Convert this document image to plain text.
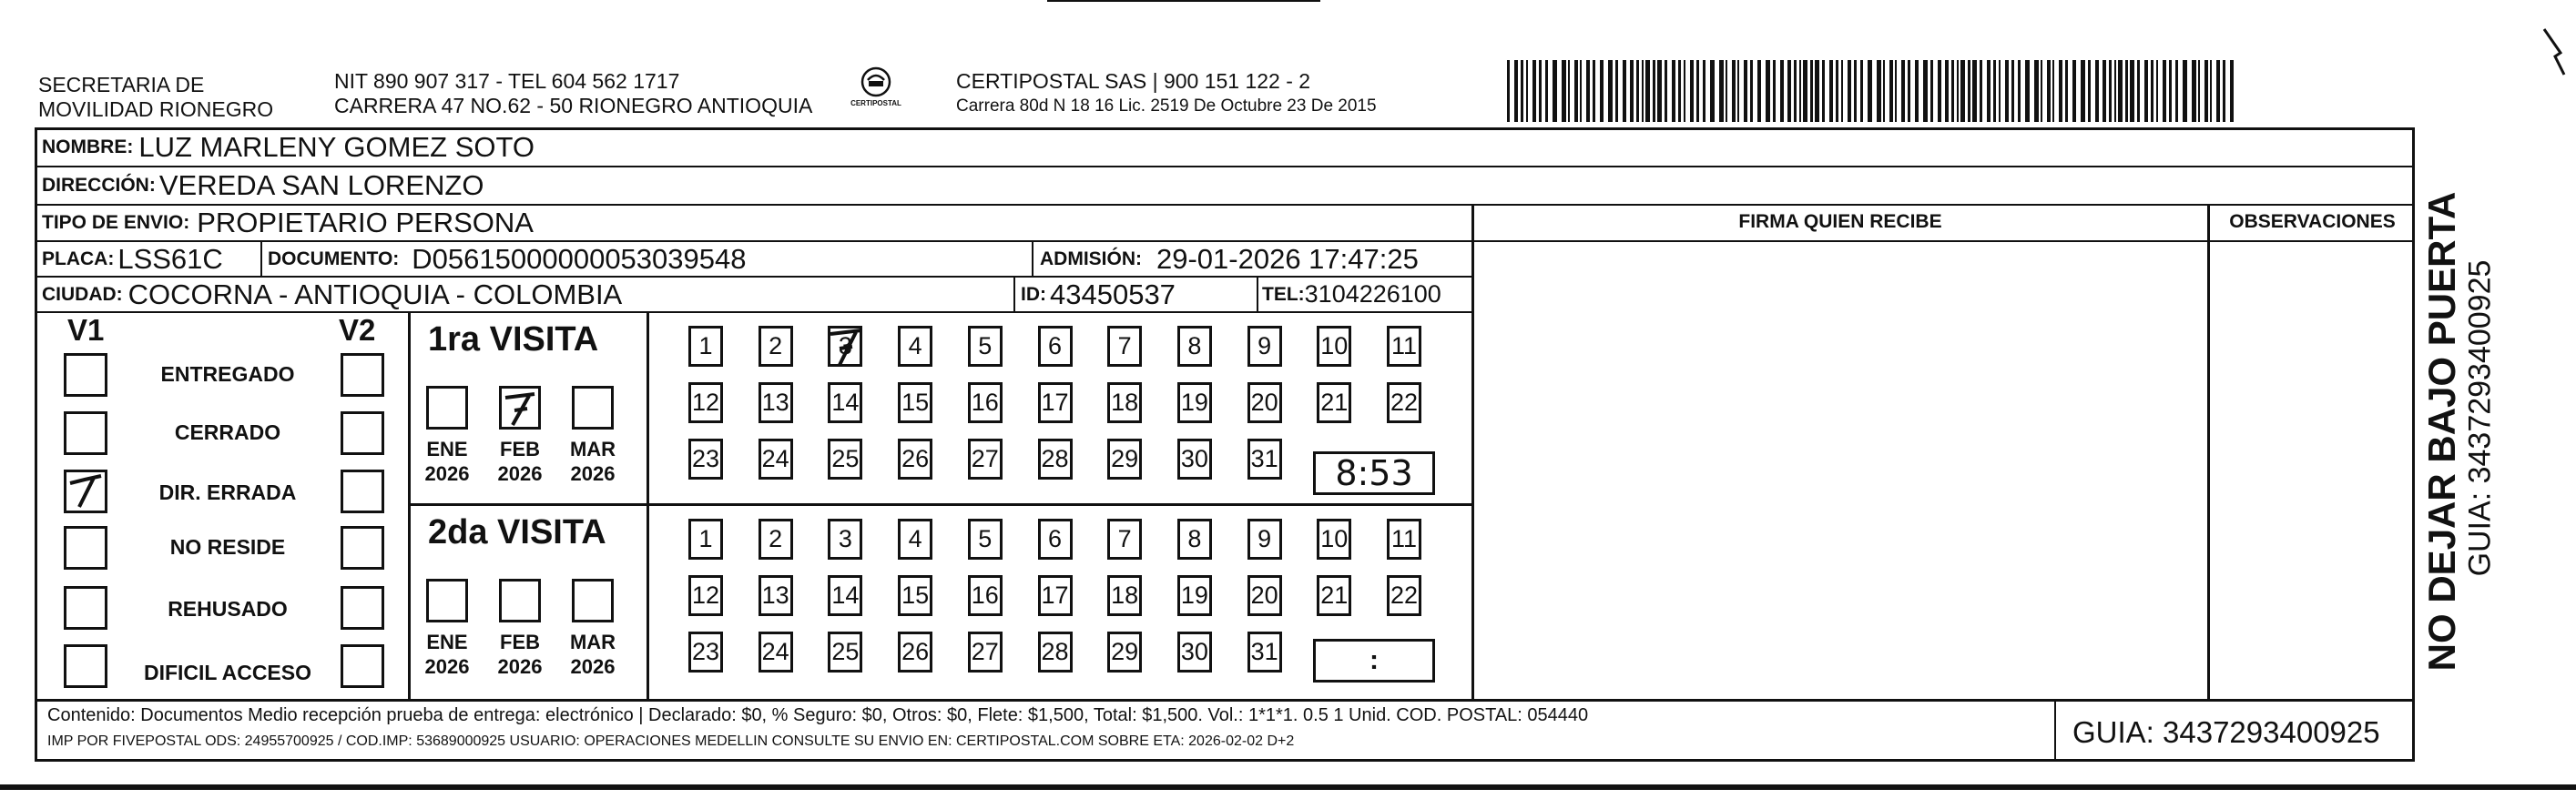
SECRETARIA DE
MOVILIDAD RIONEGRO
NIT 890 907 317 - TEL 604 562 1717
CARRERA 47 NO.62 - 50 RIONEGRO ANTIOQUIA	CERTIPOSTAL
CERTIPOSTAL SAS | 900 151 122 - 2
Carrera 80d N 18 16 Lic. 2519 De Octubre 23 De 2015
NOMBRE: LUZ MARLENY GOMEZ SOTO
DIRECCIÓN: VEREDA SAN LORENZO
TIPO DE ENVIO: PROPIETARIO PERSONA	FIRMA QUIEN RECIBE	OBSERVACIONES
PLACA: LSS61C DOCUMENTO: D05615000000053039548	ADMISIÓN: 29-01-2026 17:47:25
CIUDAD: COCORNA - ANTIOQUIA - COLOMBIA	ID: 43450537	TEL: 3104226100
V1	V2
ENTREGADO
CERRADO
DIR. ERRADA
NO RESIDE
REHUSADO
DIFICIL ACCESO
1ra VISITA
ENE
2026
FEB
2026
MAR
2026
2da VISITA
ENE
2026
FEB
2026
MAR
2026
1	2	3	4	5	6	7	8	9	10 11
12 13 14 15 16 17 18 19 20 21 22
23 24 25 26 27 28 29 30 31
1	2	3	4	5	6	7	8	9	10 11
12 13 14 15 16 17 18 19 20 21 22
23 24 25 26 27 28 29 30 31
8:53
:
Contenido: Documentos Medio recepción prueba de entrega: electrónico | Declarado: $0, % Seguro: $0, Otros: $0, Flete: $1,500, Total: $1,500. Vol.: 1*1*1. 0.5 1 Unid. COD. POSTAL: 054440
IMP POR FIVEPOSTAL ODS: 24955700925 / COD.IMP: 53689000925 USUARIO: OPERACIONES MEDELLIN CONSULTE SU ENVIO EN: CERTIPOSTAL.COM SOBRE ETA: 2026-02-02 D+2	GUIA: 3437293400925
NO DEJAR BAJO PUERTA GUIA: 3437293400925
